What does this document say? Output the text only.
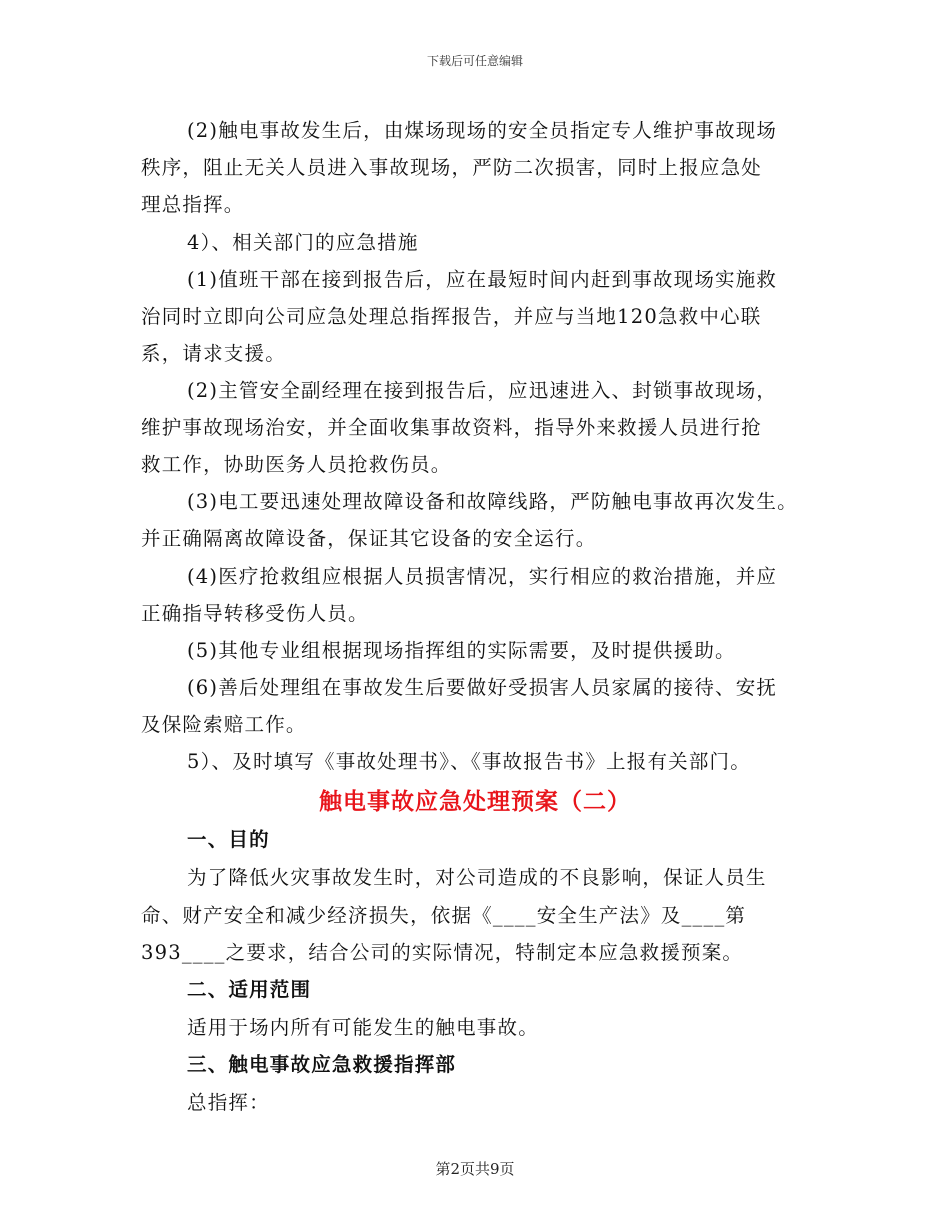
下载后可任意编辑
(2)触电事故发生后，由煤场现场的安全员指定专人维护事故现场
秩序，阻止无关人员进入事故现场，严防二次损害，同时上报应急处
理总指挥。
4）、相关部门的应急措施
(1)值班干部在接到报告后，应在最短时间内赶到事故现场实施救
治同时立即向公司应急处理总指挥报告，并应与当地120急救中心联
系，请求支援。
(2)主管安全副经理在接到报告后，应迅速进入、封锁事故现场，
维护事故现场治安，并全面收集事故资料，指导外来救援人员进行抢
救工作，协助医务人员抢救伤员。
(3)电工要迅速处理故障设备和故障线路，严防触电事故再次发生。
并正确隔离故障设备，保证其它设备的安全运行。
(4)医疗抢救组应根据人员损害情况，实行相应的救治措施，并应
正确指导转移受伤人员。
(5)其他专业组根据现场指挥组的实际需要，及时提供援助。
(6)善后处理组在事故发生后要做好受损害人员家属的接待、安抚
及保险索赔工作。
5）、及时填写《事故处理书》、《事故报告书》上报有关部门。
触电事故应急处理预案（二）
一、目的
为了降低火灾事故发生时，对公司造成的不良影响，保证人员生
命、财产安全和减少经济损失，依据《____安全生产法》及____第
393____之要求，结合公司的实际情况，特制定本应急救援预案。
二、适用范围
适用于场内所有可能发生的触电事故。
三、触电事故应急救援指挥部
总指挥：
第2页共9页
